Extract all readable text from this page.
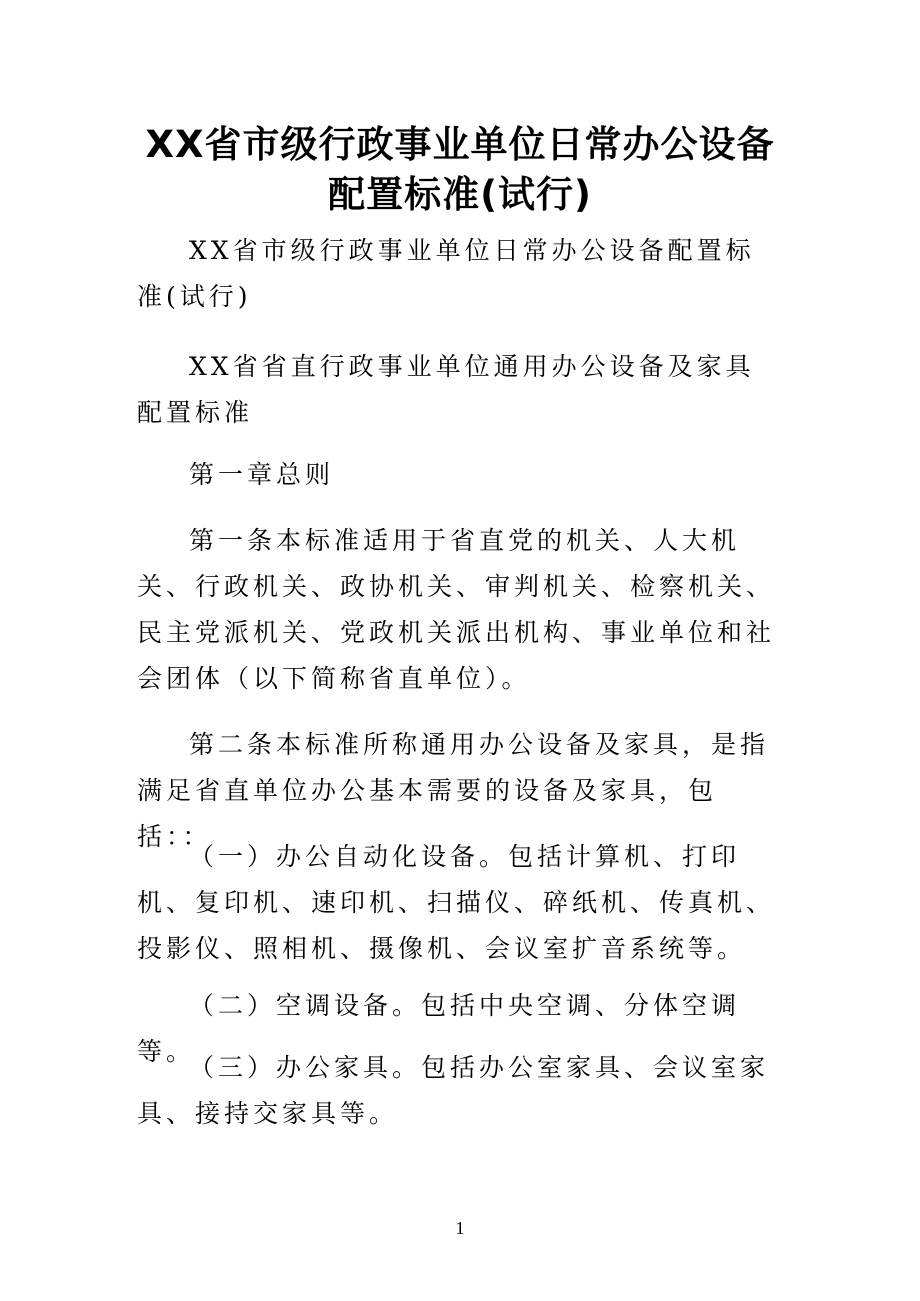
XX省市级行政事业单位日常办公设备配置标准(试行)

XX省市级行政事业单位日常办公设备配置标准(试行)

XX省省直行政事业单位通用办公设备及家具配置标准

第一章总则

第一条本标准适用于省直党的机关、人大机关、行政机关、政协机关、审判机关、检察机关、民主党派机关、党政机关派出机构、事业单位和社会团体（以下简称省直单位）。

第二条本标准所称通用办公设备及家具，是指满足省直单位办公基本需要的设备及家具，包括：：

（一）办公自动化设备。包括计算机、打印机、复印机、速印机、扫描仪、碎纸机、传真机、投影仪、照相机、摄像机、会议室扩音系统等。

（二）空调设备。包括中央空调、分体空调等。

（三）办公家具。包括办公室家具、会议室家具、接持交家具等。

1
